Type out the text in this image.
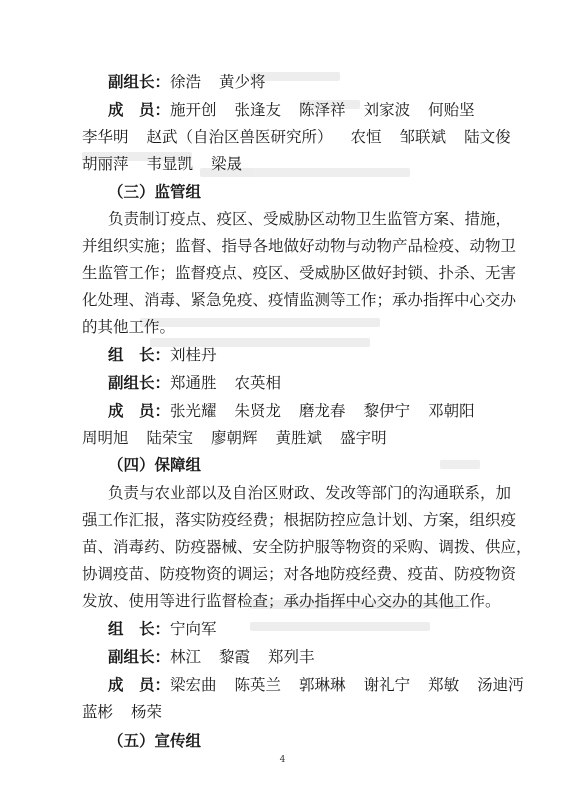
副组长：徐浩 黄少将
成　员：施开创 张逢友 陈泽祥 刘家波 何贻坚
李华明 赵武（自治区兽医研究所） 农恒 邹联斌 陆文俊
胡丽萍 韦显凯 梁晟
（三）监管组
负责制订疫点、疫区、受威胁区动物卫生监管方案、措施，
并组织实施；监督、指导各地做好动物与动物产品检疫、动物卫
生监管工作；监督疫点、疫区、受威胁区做好封锁、扑杀、无害
化处理、消毒、紧急免疫、疫情监测等工作；承办指挥中心交办
的其他工作。
组　长：刘桂丹
副组长：郑通胜 农英相
成　员：张光耀 朱贤龙 磨龙春 黎伊宁 邓朝阳
周明旭 陆荣宝 廖朝辉 黄胜斌 盛宇明
（四）保障组
负责与农业部以及自治区财政、发改等部门的沟通联系，加
强工作汇报，落实防疫经费；根据防控应急计划、方案，组织疫
苗、消毒药、防疫器械、安全防护服等物资的采购、调拨、供应，
协调疫苗、防疫物资的调运；对各地防疫经费、疫苗、防疫物资
发放、使用等进行监督检查；承办指挥中心交办的其他工作。
组　长：宁向军
副组长：林江 黎霞 郑列丰
成　员：梁宏曲 陈英兰 郭琳琳 谢礼宁 郑敏 汤迪沔
蓝彬 杨荣
（五）宣传组
4
